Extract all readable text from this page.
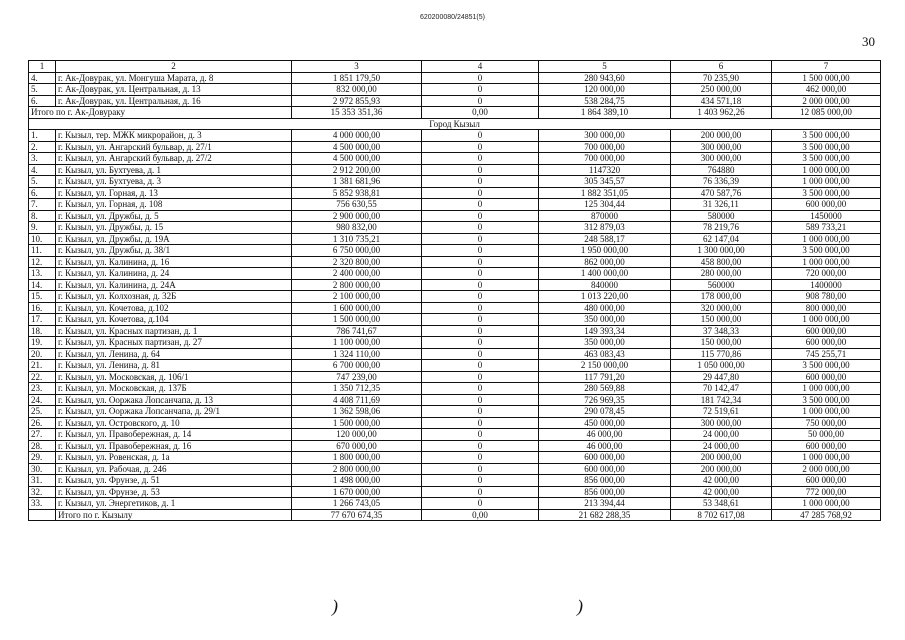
620200080/24851(5)
30
1	2	3	4	5	6	7
4.	г. Ак-Довурак, ул. Монгуша Марата, д. 8	1 851 179,50	0	280 943,60	70 235,90	1 500 000,00
5.	г. Ак-Довурак, ул. Центральная, д. 13	832 000,00	0	120 000,00	250 000,00	462 000,00
6.	г. Ак-Довурак, ул. Центральная, д. 16	2 972 855,93	0	538 284,75	434 571,18	2 000 000,00
Итого по г. Ак-Довураку		15 353 351,36	0,00	1 864 389,10	1 403 962,26	12 085 000,00
Город Кызыл						
1.	г. Кызыл, тер. МЖК микрорайон, д. 3	4 000 000,00	0	300 000,00	200 000,00	3 500 000,00
2.	г. Кызыл, ул. Ангарский бульвар, д. 27/1	4 500 000,00	0	700 000,00	300 000,00	3 500 000,00
3.	г. Кызыл, ул. Ангарский бульвар, д. 27/2	4 500 000,00	0	700 000,00	300 000,00	3 500 000,00
4.	г. Кызыл, ул. Бухтуева, д. 1	2 912 200,00	0	1147320	764880	1 000 000,00
5.	г. Кызыл, ул. Бухтуева, д. 3	1 381 681,96	0	305 345,57	76 336,39	1 000 000,00
6.	г. Кызыл, ул. Горная, д. 13	5 852 938,81	0	1 882 351,05	470 587,76	3 500 000,00
7.	г. Кызыл, ул. Горная, д. 108	756 630,55	0	125 304,44	31 326,11	600 000,00
8.	г. Кызыл, ул. Дружбы, д. 5	2 900 000,00	0	870000	580000	1450000
9.	г. Кызыл, ул. Дружбы, д. 15	980 832,00	0	312 879,03	78 219,76	589 733,21
10.	г. Кызыл, ул. Дружбы, д. 19А	1 310 735,21	0	248 588,17	62 147,04	1 000 000,00
11.	г. Кызыл, ул. Дружбы, д. 38/1	6 750 000,00	0	1 950 000,00	1 300 000,00	3 500 000,00
12.	г. Кызыл, ул. Калинина, д. 16	2 320 800,00	0	862 000,00	458 800,00	1 000 000,00
13.	г. Кызыл, ул. Калинина, д. 24	2 400 000,00	0	1 400 000,00	280 000,00	720 000,00
14.	г. Кызыл, ул. Калинина, д. 24А	2 800 000,00	0	840000	560000	1400000
15.	г. Кызыл, ул. Колхозная, д. 32Б	2 100 000,00	0	1 013 220,00	178 000,00	908 780,00
16.	г. Кызыл, ул. Кочетова, д.102	1 600 000,00	0	480 000,00	320 000,00	800 000,00
17.	г. Кызыл, ул. Кочетова, д.104	1 500 000,00	0	350 000,00	150 000,00	1 000 000,00
18.	г. Кызыл, ул. Красных партизан, д. 1	786 741,67	0	149 393,34	37 348,33	600 000,00
19.	г. Кызыл, ул. Красных партизан, д. 27	1 100 000,00	0	350 000,00	150 000,00	600 000,00
20.	г. Кызыл, ул. Ленина, д. 64	1 324 110,00	0	463 083,43	115 770,86	745 255,71
21.	г. Кызыл, ул. Ленина, д. 81	6 700 000,00	0	2 150 000,00	1 050 000,00	3 500 000,00
22.	г. Кызыл, ул. Московская, д. 106/1	747 239,00	0	117 791,20	29 447,80	600 000,00
23.	г. Кызыл, ул. Московская, д. 137Б	1 350 712,35	0	280 569,88	70 142,47	1 000 000,00
24.	г. Кызыл, ул. Ооржака Лопсанчапа, д. 13	4 408 711,69	0	726 969,35	181 742,34	3 500 000,00
25.	г. Кызыл, ул. Ооржака Лопсанчапа, д. 29/1	1 362 598,06	0	290 078,45	72 519,61	1 000 000,00
26.	г. Кызыл, ул. Островского, д. 10	1 500 000,00	0	450 000,00	300 000,00	750 000,00
27.	г. Кызыл, ул. Правобережная, д. 14	120 000,00	0	46 000,00	24 000,00	50 000,00
28.	г. Кызыл, ул. Правобережная, д. 16	670 000,00	0	46 000,00	24 000,00	600 000,00
29.	г. Кызыл, ул. Ровенская, д. 1а	1 800 000,00	0	600 000,00	200 000,00	1 000 000,00
30.	г. Кызыл, ул. Рабочая, д. 246	2 800 000,00	0	600 000,00	200 000,00	2 000 000,00
31.	г. Кызыл, ул. Фрунзе, д. 51	1 498 000,00	0	856 000,00	42 000,00	600 000,00
32.	г. Кызыл, ул. Фрунзе, д. 53	1 670 000,00	0	856 000,00	42 000,00	772 000,00
33.	г. Кызыл, ул. Энергетиков, д. 1	1 266 743,05	0	213 394,44	53 348,61	1 000 000,00
	Итого по г. Кызылу	77 670 674,35	0,00	21 682 288,35	8 702 617,08	47 285 768,92
)	)
